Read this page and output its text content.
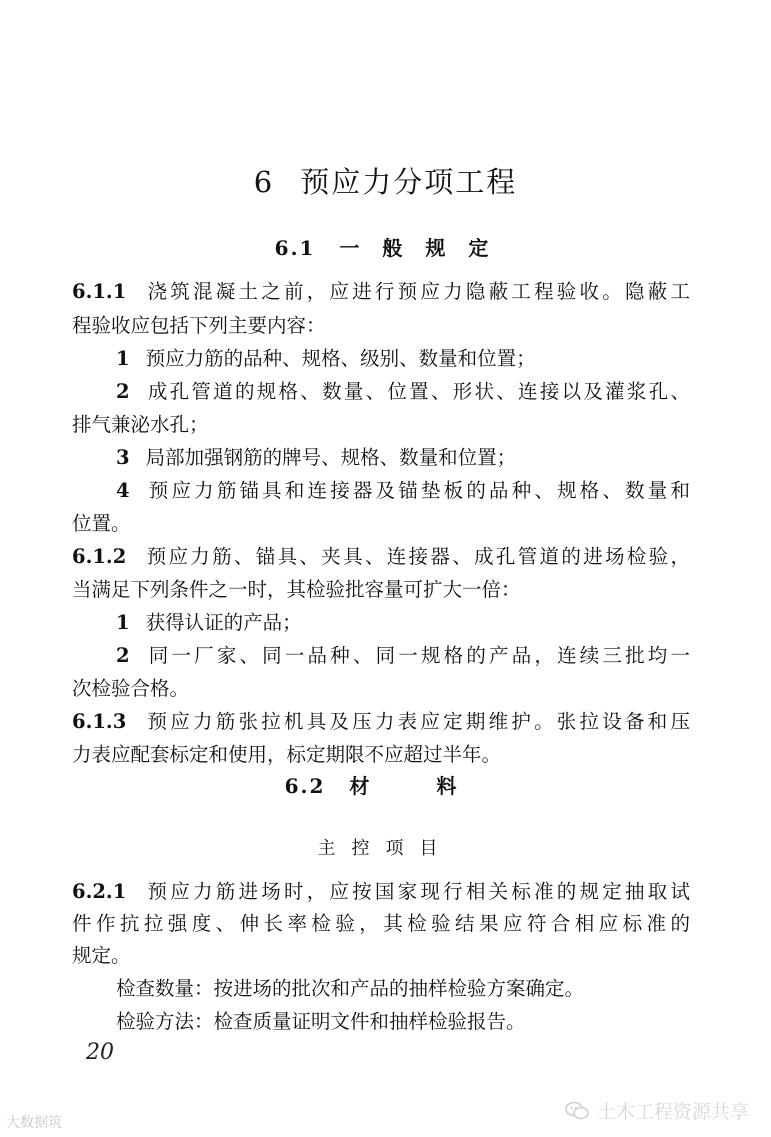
6 预应力分项工程
6.1 一 般 规 定
6.1.1 浇筑混凝土之前，应进行预应力隐蔽工程验收。隐蔽工
程验收应包括下列主要内容：
1 预应力筋的品种、规格、级别、数量和位置；
2 成孔管道的规格、数量、位置、形状、连接以及灌浆孔、
排气兼泌水孔；
3 局部加强钢筋的牌号、规格、数量和位置；
4 预应力筋锚具和连接器及锚垫板的品种、规格、数量和
位置。
6.1.2 预应力筋、锚具、夹具、连接器、成孔管道的进场检验，
当满足下列条件之一时，其检验批容量可扩大一倍：
1 获得认证的产品；
2 同一厂家、同一品种、同一规格的产品，连续三批均一
次检验合格。
6.1.3 预应力筋张拉机具及压力表应定期维护。张拉设备和压
力表应配套标定和使用，标定期限不应超过半年。
6.2 材 料
主控项目
6.2.1 预应力筋进场时，应按国家现行相关标准的规定抽取试
件作抗拉强度、伸长率检验，其检验结果应符合相应标准的
规定。
检查数量：按进场的批次和产品的抽样检验方案确定。
检验方法：检查质量证明文件和抽样检验报告。
20
大数据筑	土木工程资源共享
